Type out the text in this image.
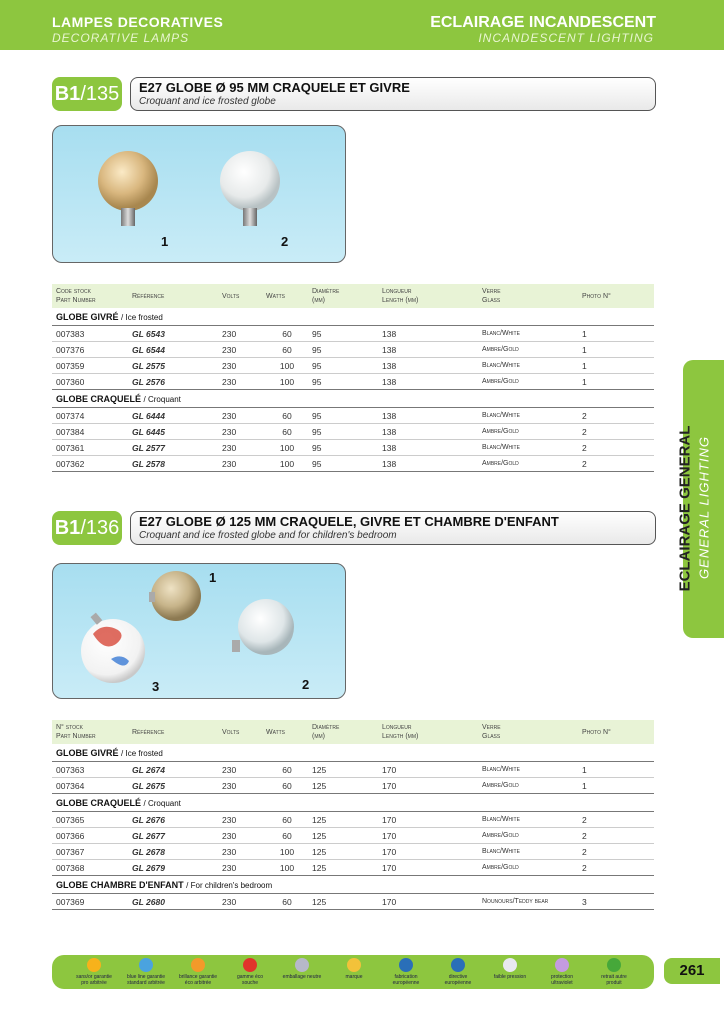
LAMPES DECORATIVES
DECORATIVE LAMPS
ECLAIRAGE INCANDESCENT
INCANDESCENT LIGHTING
ECLAIRAGE GENERAL GENERAL LIGHTING
B1/135 E27 GLOBE Ø 95 MM CRAQUELE ET GIVRE
Croquant and ice frosted globe
1	2
Code stock
Part Number	Référence	Volts	Watts	Diamètre
(mm)	Longueur
Length (mm)	Verre
Glass	Photo N°
GLOBE GIVRÉ / Ice frosted							
007383	GL 6543	230	60	95	138	Blanc/White	1
007376	GL 6544	230	60	95	138	Ambre/Gold	1
007359	GL 2575	230	100	95	138	Blanc/White	1
007360	GL 2576	230	100	95	138	Ambre/Gold	1
GLOBE CRAQUELÉ / Croquant							
007374	GL 6444	230	60	95	138	Blanc/White	2
007384	GL 6445	230	60	95	138	Ambre/Gold	2
007361	GL 2577	230	100	95	138	Blanc/White	2
007362	GL 2578	230	100	95	138	Ambre/Gold	2
B1/136 E27 GLOBE Ø 125 MM CRAQUELE, GIVRE ET CHAMBRE D'ENFANT
Croquant and ice frosted globe and for children's bedroom
1
2
3
N° stock
Part Number	Référence	Volts	Watts	Diamètre
(mm)	Longueur
Length (mm)	Verre
Glass	Photo N°
GLOBE GIVRÉ / Ice frosted							
007363	GL 2674	230	60	125	170	Blanc/White	1
007364	GL 2675	230	60	125	170	Ambre/Gold	1
GLOBE CRAQUELÉ / Croquant							
007365	GL 2676	230	60	125	170	Blanc/White	2
007366	GL 2677	230	60	125	170	Ambre/Gold	2
007367	GL 2678	230	100	125	170	Blanc/White	2
007368	GL 2679	230	100	125	170	Ambre/Gold	2
GLOBE CHAMBRE D'ENFANT / For children's bedroom							
007369	GL 2680	230	60	125	170	Nounours/Teddy bear	3
sans/or garantie pro arbitrée
blue line garantie standard arbitrée
brillance garantie éco arbitrée
gamme éco souche
emballage neutre	marque	fabrication européenne
directive européenne
faible pression	protection ultraviolet
retrait autre produit
261
